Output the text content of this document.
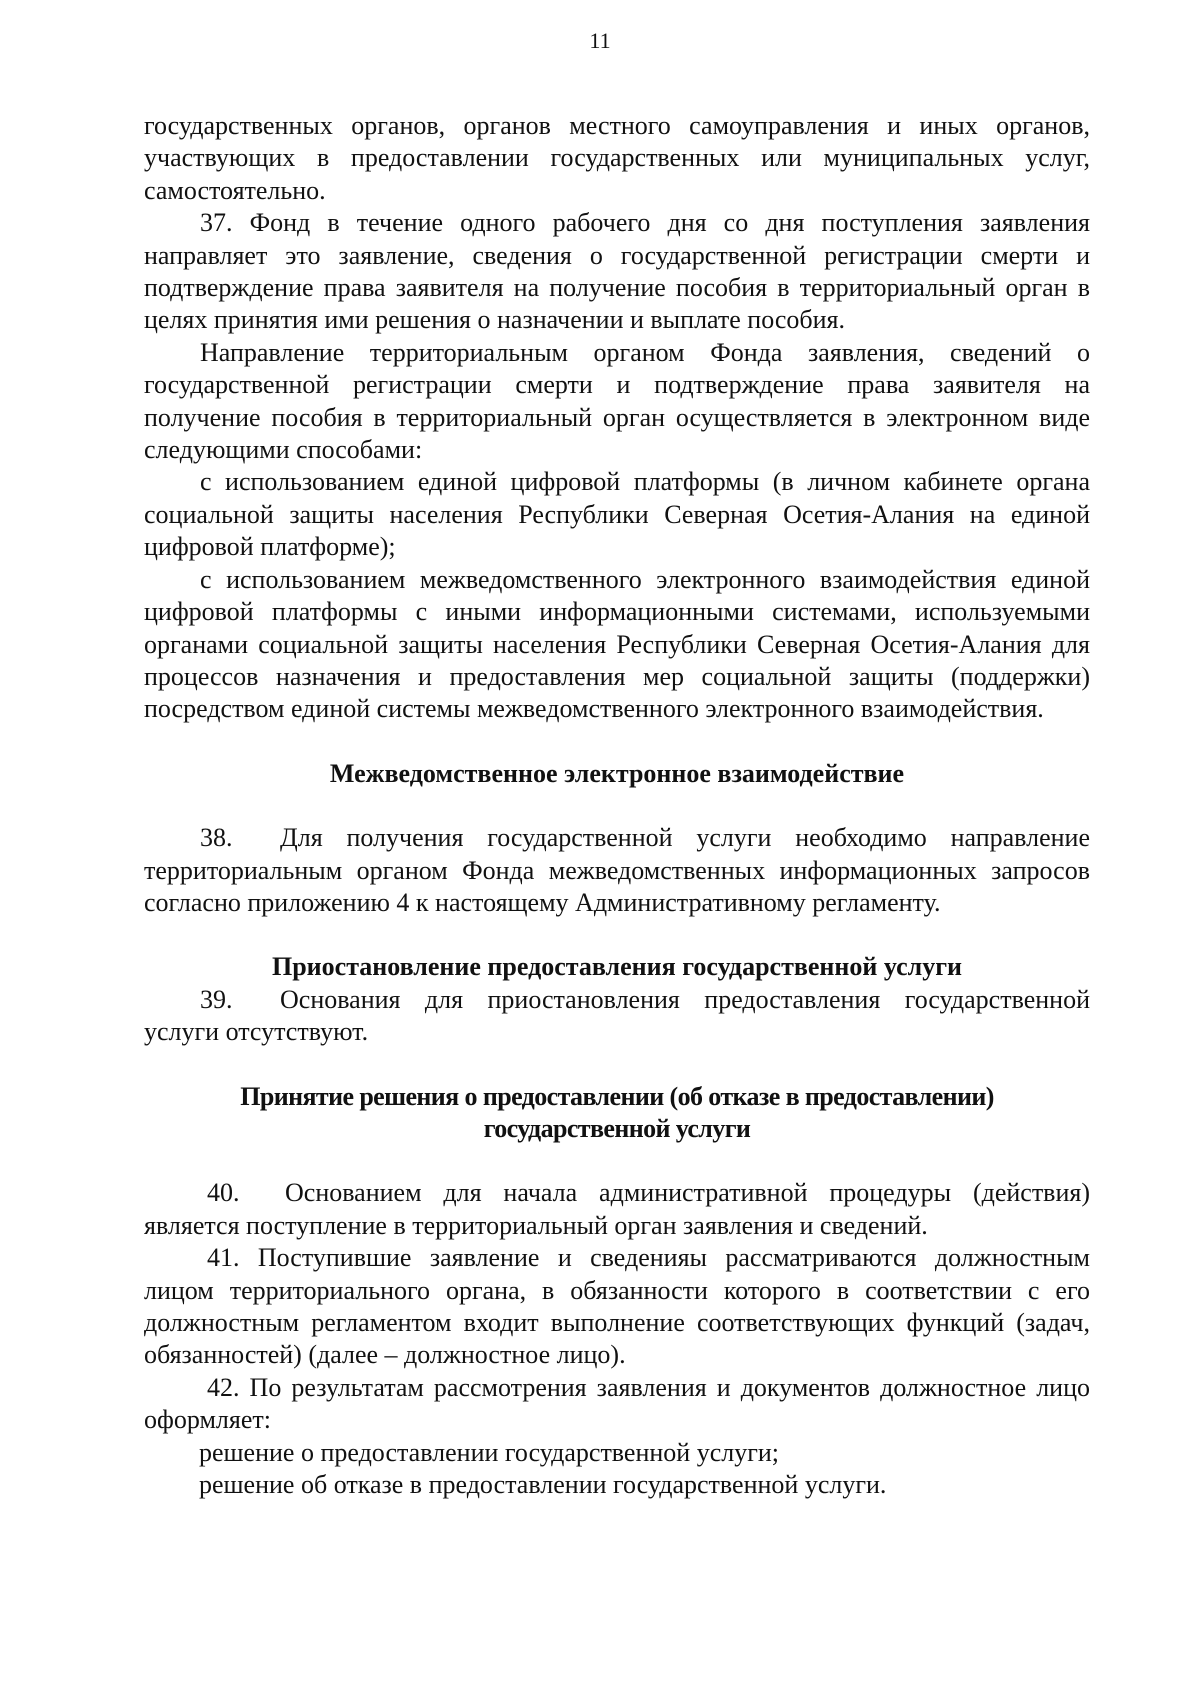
11

государственных органов, органов местного самоуправления и иных органов, участвующих в предоставлении государственных или муниципальных услуг, самостоятельно.

37. Фонд в течение одного рабочего дня со дня поступления заявления направляет это заявление, сведения о государственной регистрации смерти и подтверждение права заявителя на получение пособия в территориальный орган в целях принятия ими решения о назначении и выплате пособия.

Направление территориальным органом Фонда заявления, сведений о государственной регистрации смерти и подтверждение права заявителя на получение пособия в территориальный орган осуществляется в электронном виде следующими способами:

с использованием единой цифровой платформы (в личном кабинете органа социальной защиты населения Республики Северная Осетия-Алания на единой цифровой платформе);

с использованием межведомственного электронного взаимодействия единой цифровой платформы с иными информационными системами, используемыми органами социальной защиты населения Республики Северная Осетия-Алания для процессов назначения и предоставления мер социальной защиты (поддержки) посредством единой системы межведомственного электронного взаимодействия.

Межведомственное электронное взаимодействие

38. Для получения государственной услуги необходимо направление территориальным органом Фонда межведомственных информационных запросов согласно приложению 4 к настоящему Административному регламенту.

Приостановление предоставления государственной услуги

39. Основания для приостановления предоставления государственной услуги отсутствуют.

Принятие решения о предоставлении (об отказе в предоставлении)
государственной услуги

40. Основанием для начала административной процедуры (действия) является поступление в территориальный орган заявления и сведений.

41. Поступившие заявление и сведенияы рассматриваются должностным лицом территориального органа, в обязанности которого в соответствии с его должностным регламентом входит выполнение соответствующих функций (задач, обязанностей) (далее – должностное лицо).

42. По результатам рассмотрения заявления и документов должностное лицо оформляет:

решение о предоставлении государственной услуги;

решение об отказе в предоставлении государственной услуги.
